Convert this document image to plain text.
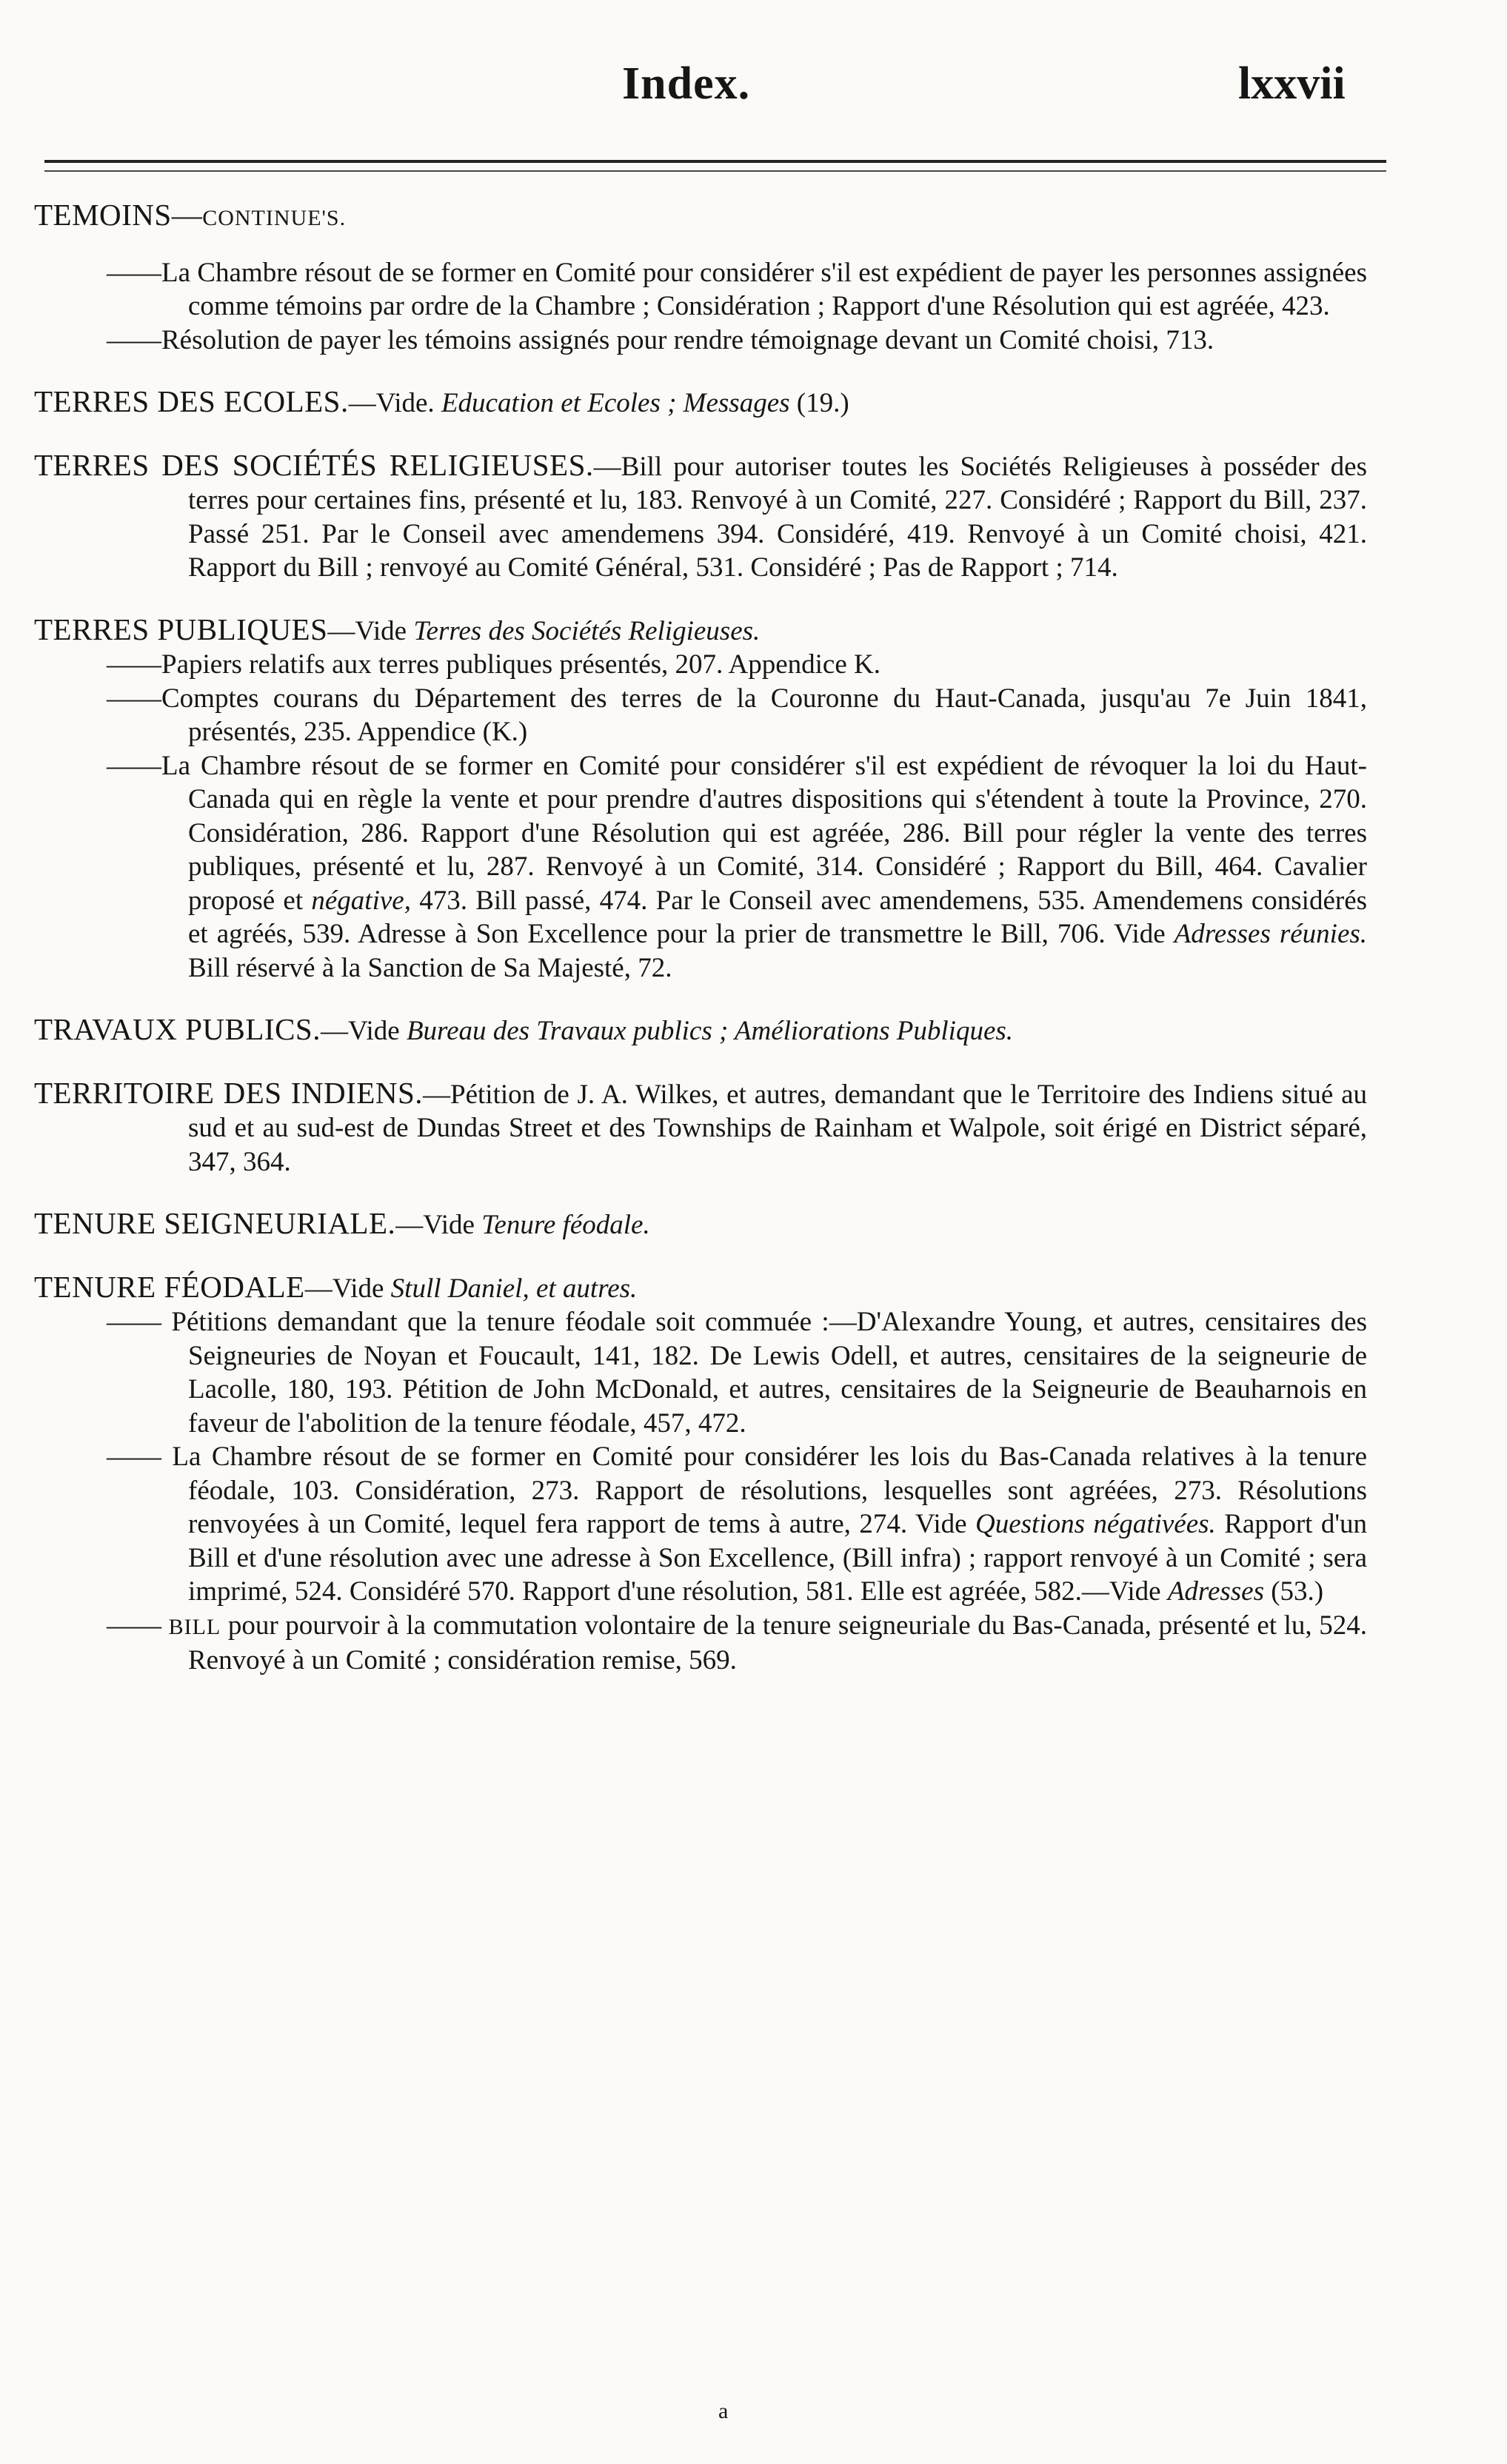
Index.	lxxvii
TEMOINS—CONTINUE'S.
——La Chambre résout de se former en Comité pour considérer s'il est expédient de payer les personnes assignées comme témoins par ordre de la Chambre ; Considération ; Rapport d'une Résolution qui est agréée, 423.
——Résolution de payer les témoins assignés pour rendre témoignage devant un Comité choisi, 713.
TERRES DES ECOLES.—Vide. Education et Ecoles ; Messages (19.)
TERRES DES SOCIÉTÉS RELIGIEUSES.—Bill pour autoriser toutes les Sociétés Religieuses à posséder des terres pour certaines fins, présenté et lu, 183. Renvoyé à un Comité, 227. Considéré ; Rapport du Bill, 237. Passé 251. Par le Conseil avec amendemens 394. Considéré, 419. Renvoyé à un Comité choisi, 421. Rapport du Bill ; renvoyé au Comité Général, 531. Considéré ; Pas de Rapport ; 714.
TERRES PUBLIQUES—Vide Terres des Sociétés Religieuses.
——Papiers relatifs aux terres publiques présentés, 207. Appendice K.
——Comptes courans du Département des terres de la Couronne du Haut-Canada, jusqu'au 7e Juin 1841, présentés, 235. Appendice (K.)
——La Chambre résout de se former en Comité pour considérer s'il est expédient de révoquer la loi du Haut-Canada qui en règle la vente et pour prendre d'autres dispositions qui s'étendent à toute la Province, 270. Considération, 286. Rapport d'une Résolution qui est agréée, 286. Bill pour régler la vente des terres publiques, présenté et lu, 287. Renvoyé à un Comité, 314. Considéré ; Rapport du Bill, 464. Cavalier proposé et négative, 473. Bill passé, 474. Par le Conseil avec amendemens, 535. Amendemens considérés et agréés, 539. Adresse à Son Excellence pour la prier de transmettre le Bill, 706. Vide Adresses réunies. Bill réservé à la Sanction de Sa Majesté, 72.
TRAVAUX PUBLICS.—Vide Bureau des Travaux publics ; Améliorations Publiques.
TERRITOIRE DES INDIENS.—Pétition de J. A. Wilkes, et autres, demandant que le Territoire des Indiens situé au sud et au sud-est de Dundas Street et des Townships de Rainham et Walpole, soit érigé en District séparé, 347, 364.
TENURE SEIGNEURIALE.—Vide Tenure féodale.
TENURE FÉODALE—Vide Stull Daniel, et autres.
—— Pétitions demandant que la tenure féodale soit commuée :—D'Alexandre Young, et autres, censitaires des Seigneuries de Noyan et Foucault, 141, 182. De Lewis Odell, et autres, censitaires de la seigneurie de Lacolle, 180, 193. Pétition de John McDonald, et autres, censitaires de la Seigneurie de Beauharnois en faveur de l'abolition de la tenure féodale, 457, 472.
—— La Chambre résout de se former en Comité pour considérer les lois du Bas-Canada relatives à la tenure féodale, 103. Considération, 273. Rapport de résolutions, lesquelles sont agréées, 273. Résolutions renvoyées à un Comité, lequel fera rapport de tems à autre, 274. Vide Questions négativées. Rapport d'un Bill et d'une résolution avec une adresse à Son Excellence, (Bill infra) ; rapport renvoyé à un Comité ; sera imprimé, 524. Considéré 570. Rapport d'une résolution, 581. Elle est agréée, 582.—Vide Adresses (53.)
—— BILL pour pourvoir à la commutation volontaire de la tenure seigneuriale du Bas-Canada, présenté et lu, 524. Renvoyé à un Comité ; considération remise, 569.
a
